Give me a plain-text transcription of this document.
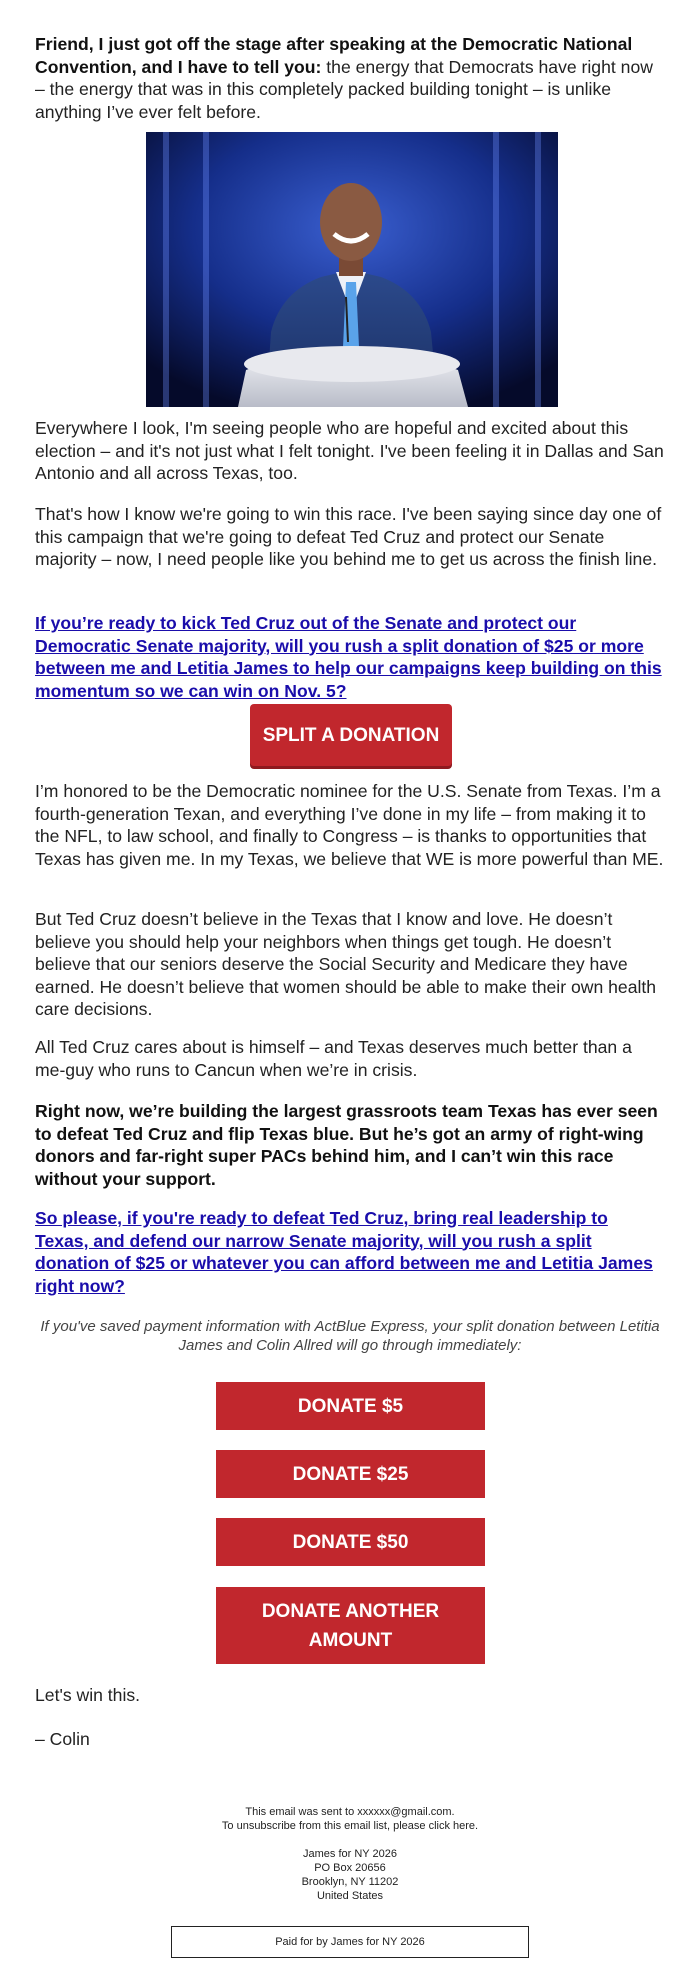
Friend, I just got off the stage after speaking at the Democratic National Convention, and I have to tell you: the energy that Democrats have right now – the energy that was in this completely packed building tonight – is unlike anything I’ve ever felt before.

Everywhere I look, I'm seeing people who are hopeful and excited about this election – and it's not just what I felt tonight. I've been feeling it in Dallas and San Antonio and all across Texas, too.

That's how I know we're going to win this race. I've been saying since day one of this campaign that we're going to defeat Ted Cruz and protect our Senate majority – now, I need people like you behind me to get us across the finish line.

If you’re ready to kick Ted Cruz out of the Senate and protect our Democratic Senate majority, will you rush a split donation of $25 or more between me and Letitia James to help our campaigns keep building on this momentum so we can win on Nov. 5?

SPLIT A DONATION

I’m honored to be the Democratic nominee for the U.S. Senate from Texas. I’m a fourth-generation Texan, and everything I’ve done in my life – from making it to the NFL, to law school, and finally to Congress – is thanks to opportunities that Texas has given me. In my Texas, we believe that WE is more powerful than ME.

But Ted Cruz doesn’t believe in the Texas that I know and love. He doesn’t believe you should help your neighbors when things get tough. He doesn’t believe that our seniors deserve the Social Security and Medicare they have earned. He doesn’t believe that women should be able to make their own health care decisions.

All Ted Cruz cares about is himself – and Texas deserves much better than a me-guy who runs to Cancun when we’re in crisis.

Right now, we’re building the largest grassroots team Texas has ever seen to defeat Ted Cruz and flip Texas blue. But he’s got an army of right-wing donors and far-right super PACs behind him, and I can’t win this race without your support.

So please, if you're ready to defeat Ted Cruz, bring real leadership to Texas, and defend our narrow Senate majority, will you rush a split donation of $25 or whatever you can afford between me and Letitia James right now?

If you've saved payment information with ActBlue Express, your split donation between Letitia James and Colin Allred will go through immediately:
DONATE $5
DONATE $25
DONATE $50
DONATE ANOTHER AMOUNT

Let's win this.

– Colin

This email was sent to xxxxxx@gmail.com.
To unsubscribe from this email list, please click here.
James for NY 2026
PO Box 20656
Brooklyn, NY 11202
United States
Paid for by James for NY 2026
